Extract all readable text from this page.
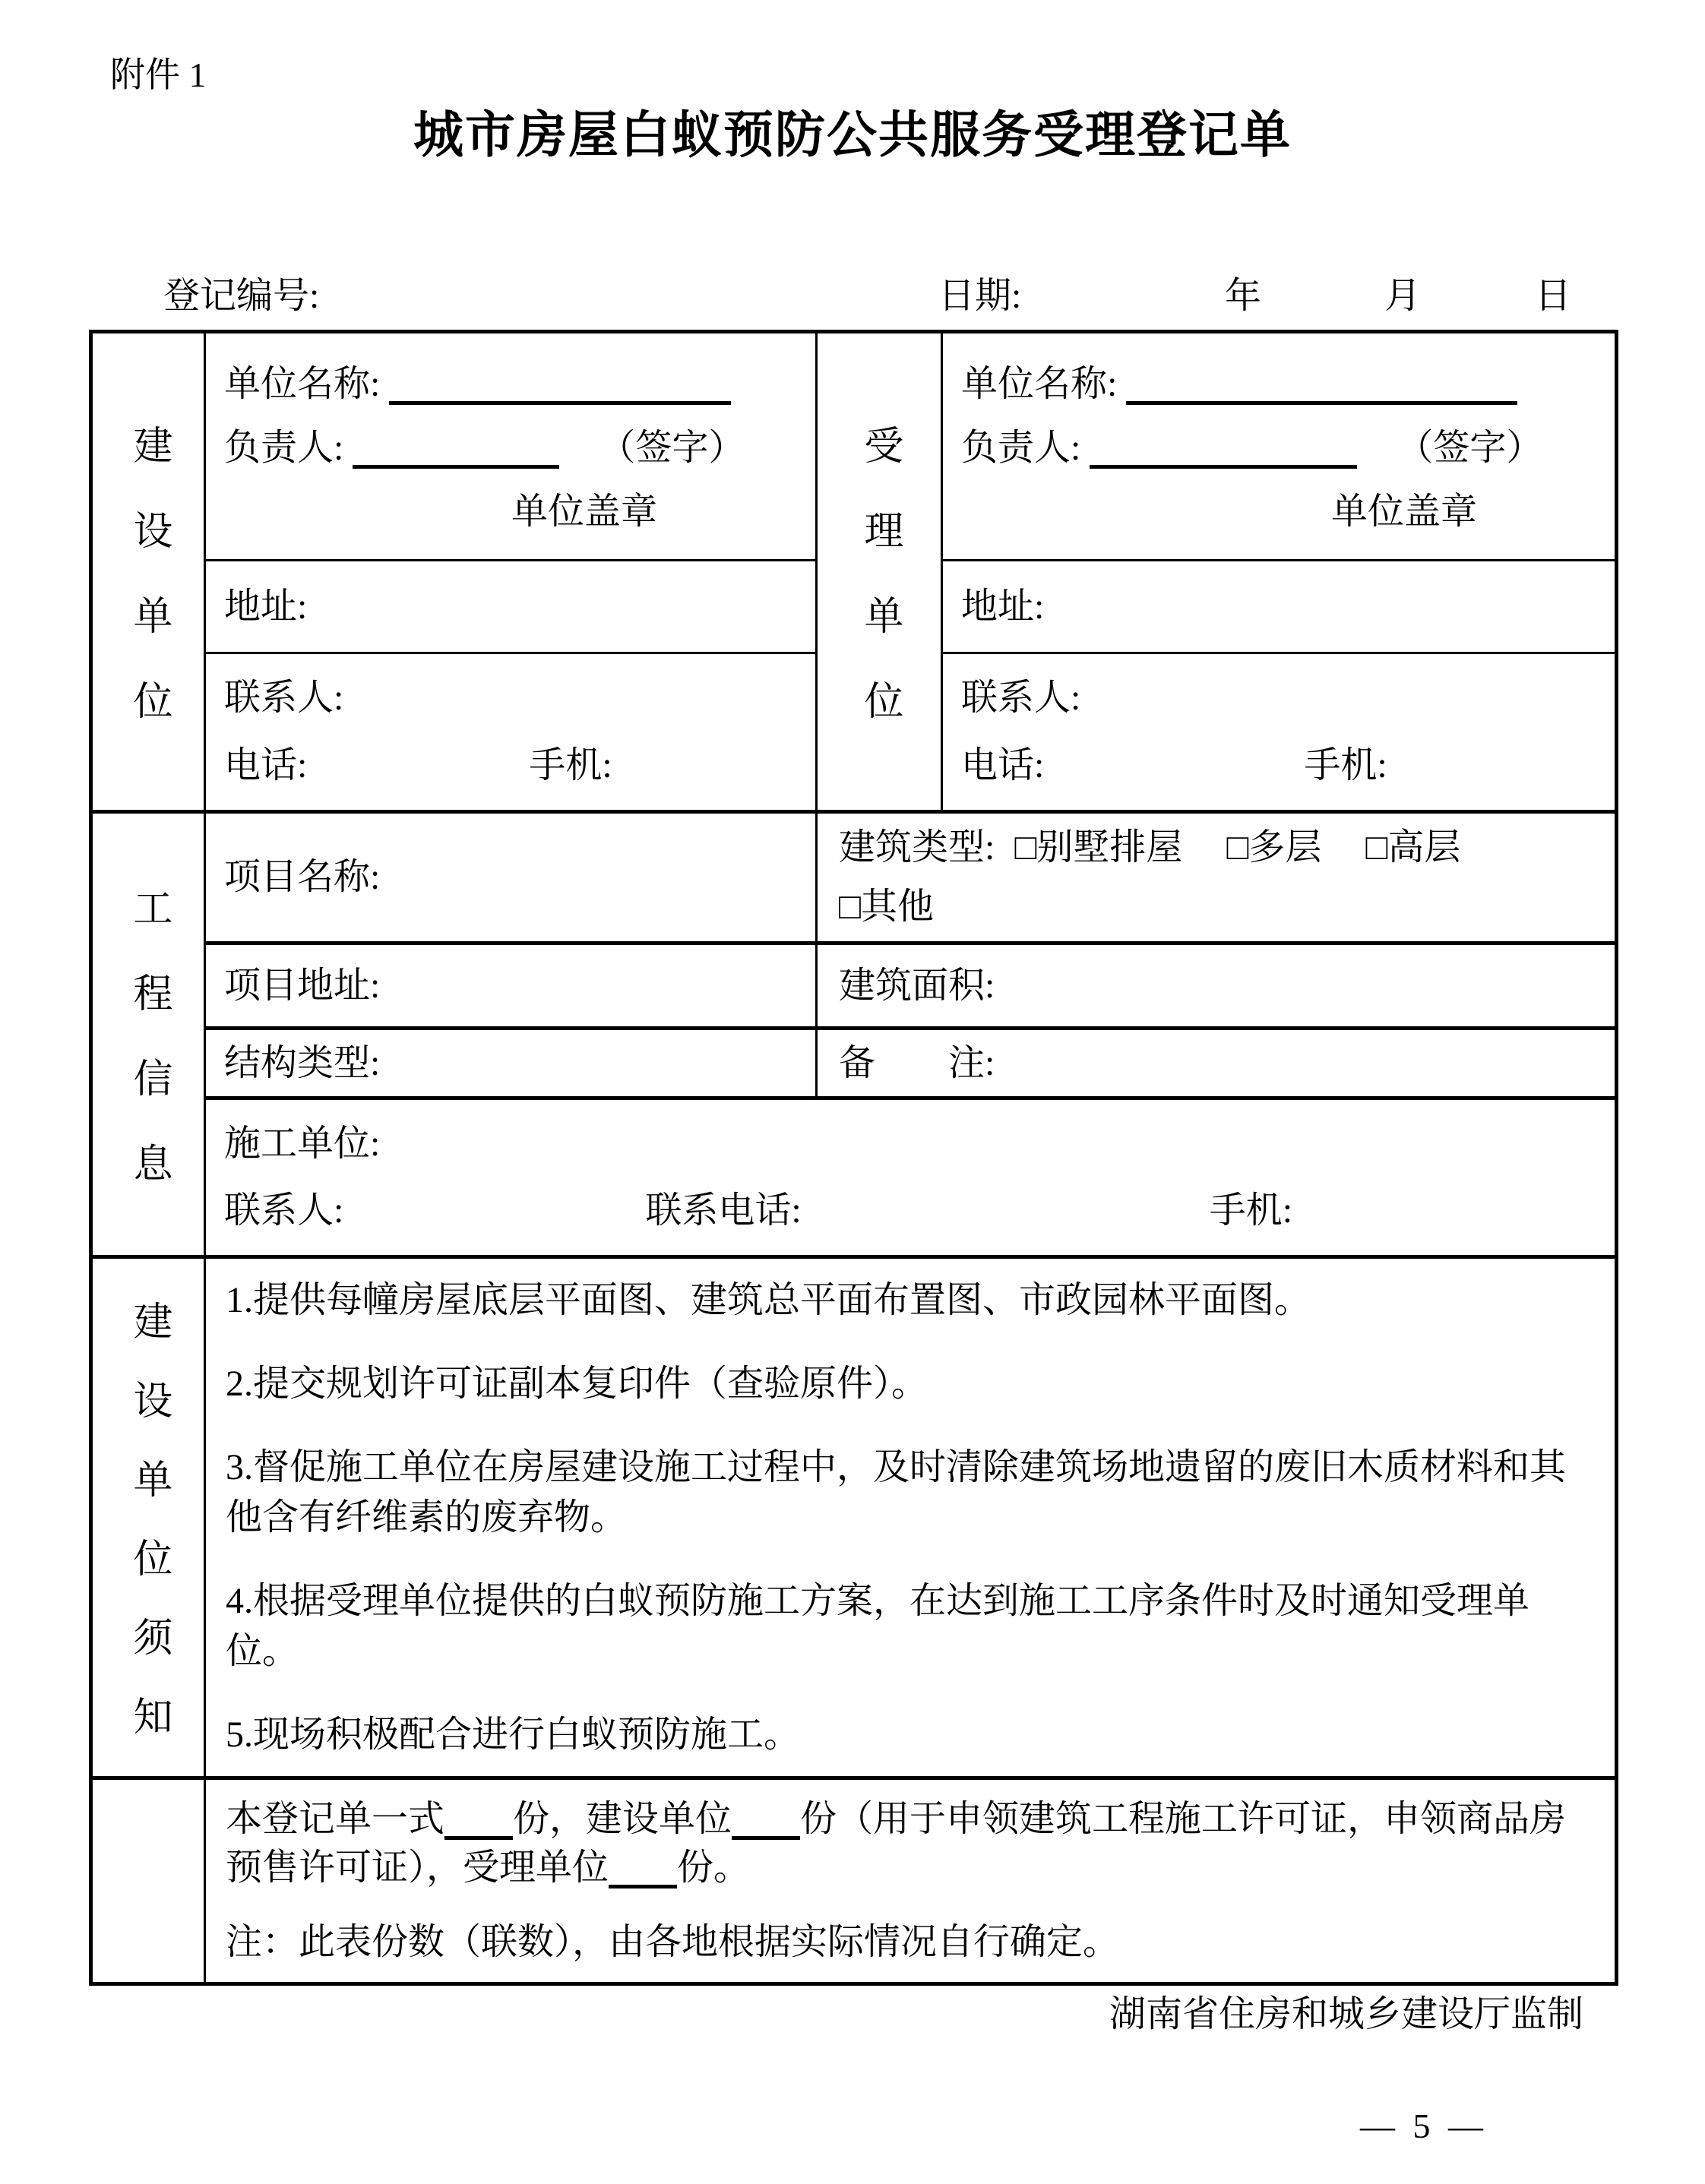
附件 1
城市房屋白蚁预防公共服务受理登记单
登记编号:	日期:	年	月	日
建设单位
单位名称:
负责人:	（签字）
单位盖章
地址:
联系人:
电话:	手机:
受理单位
单位名称:
负责人:	（签字）
单位盖章
地址:
联系人:
电话:	手机:
工程信息
项目名称:
建筑类型: □别墅排屋 □多层 □高层
□其他
项目地址:	建筑面积:
结构类型:	备　　注:
施工单位:
联系人:	联系电话:	手机:
建设单位须知

1.提供每幢房屋底层平面图、建筑总平面布置图、市政园林平面图。

2.提交规划许可证副本复印件（查验原件）。

3.督促施工单位在房屋建设施工过程中，及时清除建筑场地遗留的废旧木质材料和其他含有纤维素的废弃物。

4.根据受理单位提供的白蚁预防施工方案，在达到施工工序条件时及时通知受理单位。

5.现场积极配合进行白蚁预防施工。

本登记单一式 份，建设单位 份（用于申领建筑工程施工许可证，申领商品房预售许可证），受理单位 份。

注：此表份数（联数），由各地根据实际情况自行确定。

湖南省住房和城乡建设厅监制
— 5 —
